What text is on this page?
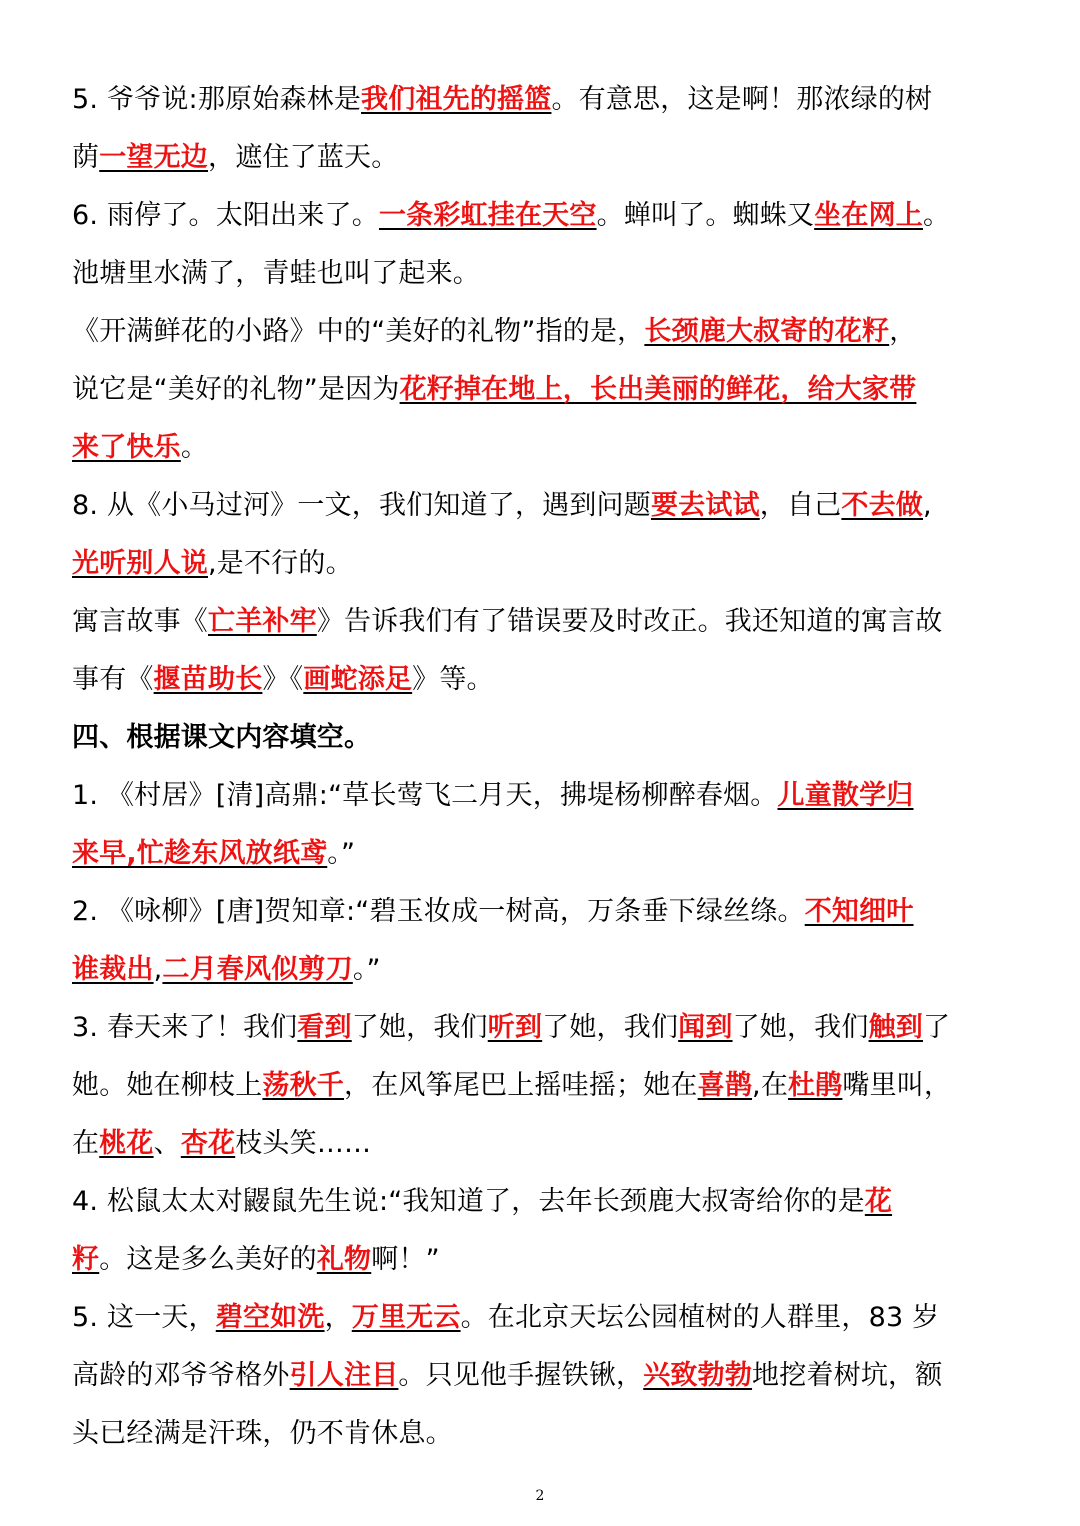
5. 爷爷说:那原始森林是我们祖先的摇篮。有意思，这是啊！那浓绿的树
荫一望无边，遮住了蓝天。
6. 雨停了。太阳出来了。一条彩虹挂在天空。蝉叫了。蜘蛛又坐在网上。
池塘里水满了，青蛙也叫了起来。
《开满鲜花的小路》中的“美好的礼物”指的是，长颈鹿大叔寄的花籽，
说它是“美好的礼物”是因为花籽掉在地上，长出美丽的鲜花，给大家带
来了快乐。
8. 从《小马过河》一文，我们知道了，遇到问题要去试试，自己不去做,
光听别人说,是不行的。
寓言故事《亡羊补牢》告诉我们有了错误要及时改正。我还知道的寓言故
事有《揠苗助长》《画蛇添足》等。
四、根据课文内容填空。
1. 《村居》[清]高鼎:“草长莺飞二月天，拂堤杨柳醉春烟。儿童散学归
来早,忙趁东风放纸鸢。”
2. 《咏柳》[唐]贺知章:“碧玉妆成一树高，万条垂下绿丝绦。不知细叶
谁裁出,二月春风似剪刀。”
3. 春天来了！我们看到了她，我们听到了她，我们闻到了她，我们触到了
她。她在柳枝上荡秋千，在风筝尾巴上摇哇摇；她在喜鹊,在杜鹃嘴里叫，
在桃花、杏花枝头笑……
4. 松鼠太太对鼹鼠先生说:“我知道了，去年长颈鹿大叔寄给你的是花
籽。这是多么美好的礼物啊！”
5. 这一天，碧空如洗，万里无云。在北京天坛公园植树的人群里，83 岁
高龄的邓爷爷格外引人注目。只见他手握铁锹，兴致勃勃地挖着树坑，额
头已经满是汗珠，仍不肯休息。
2
